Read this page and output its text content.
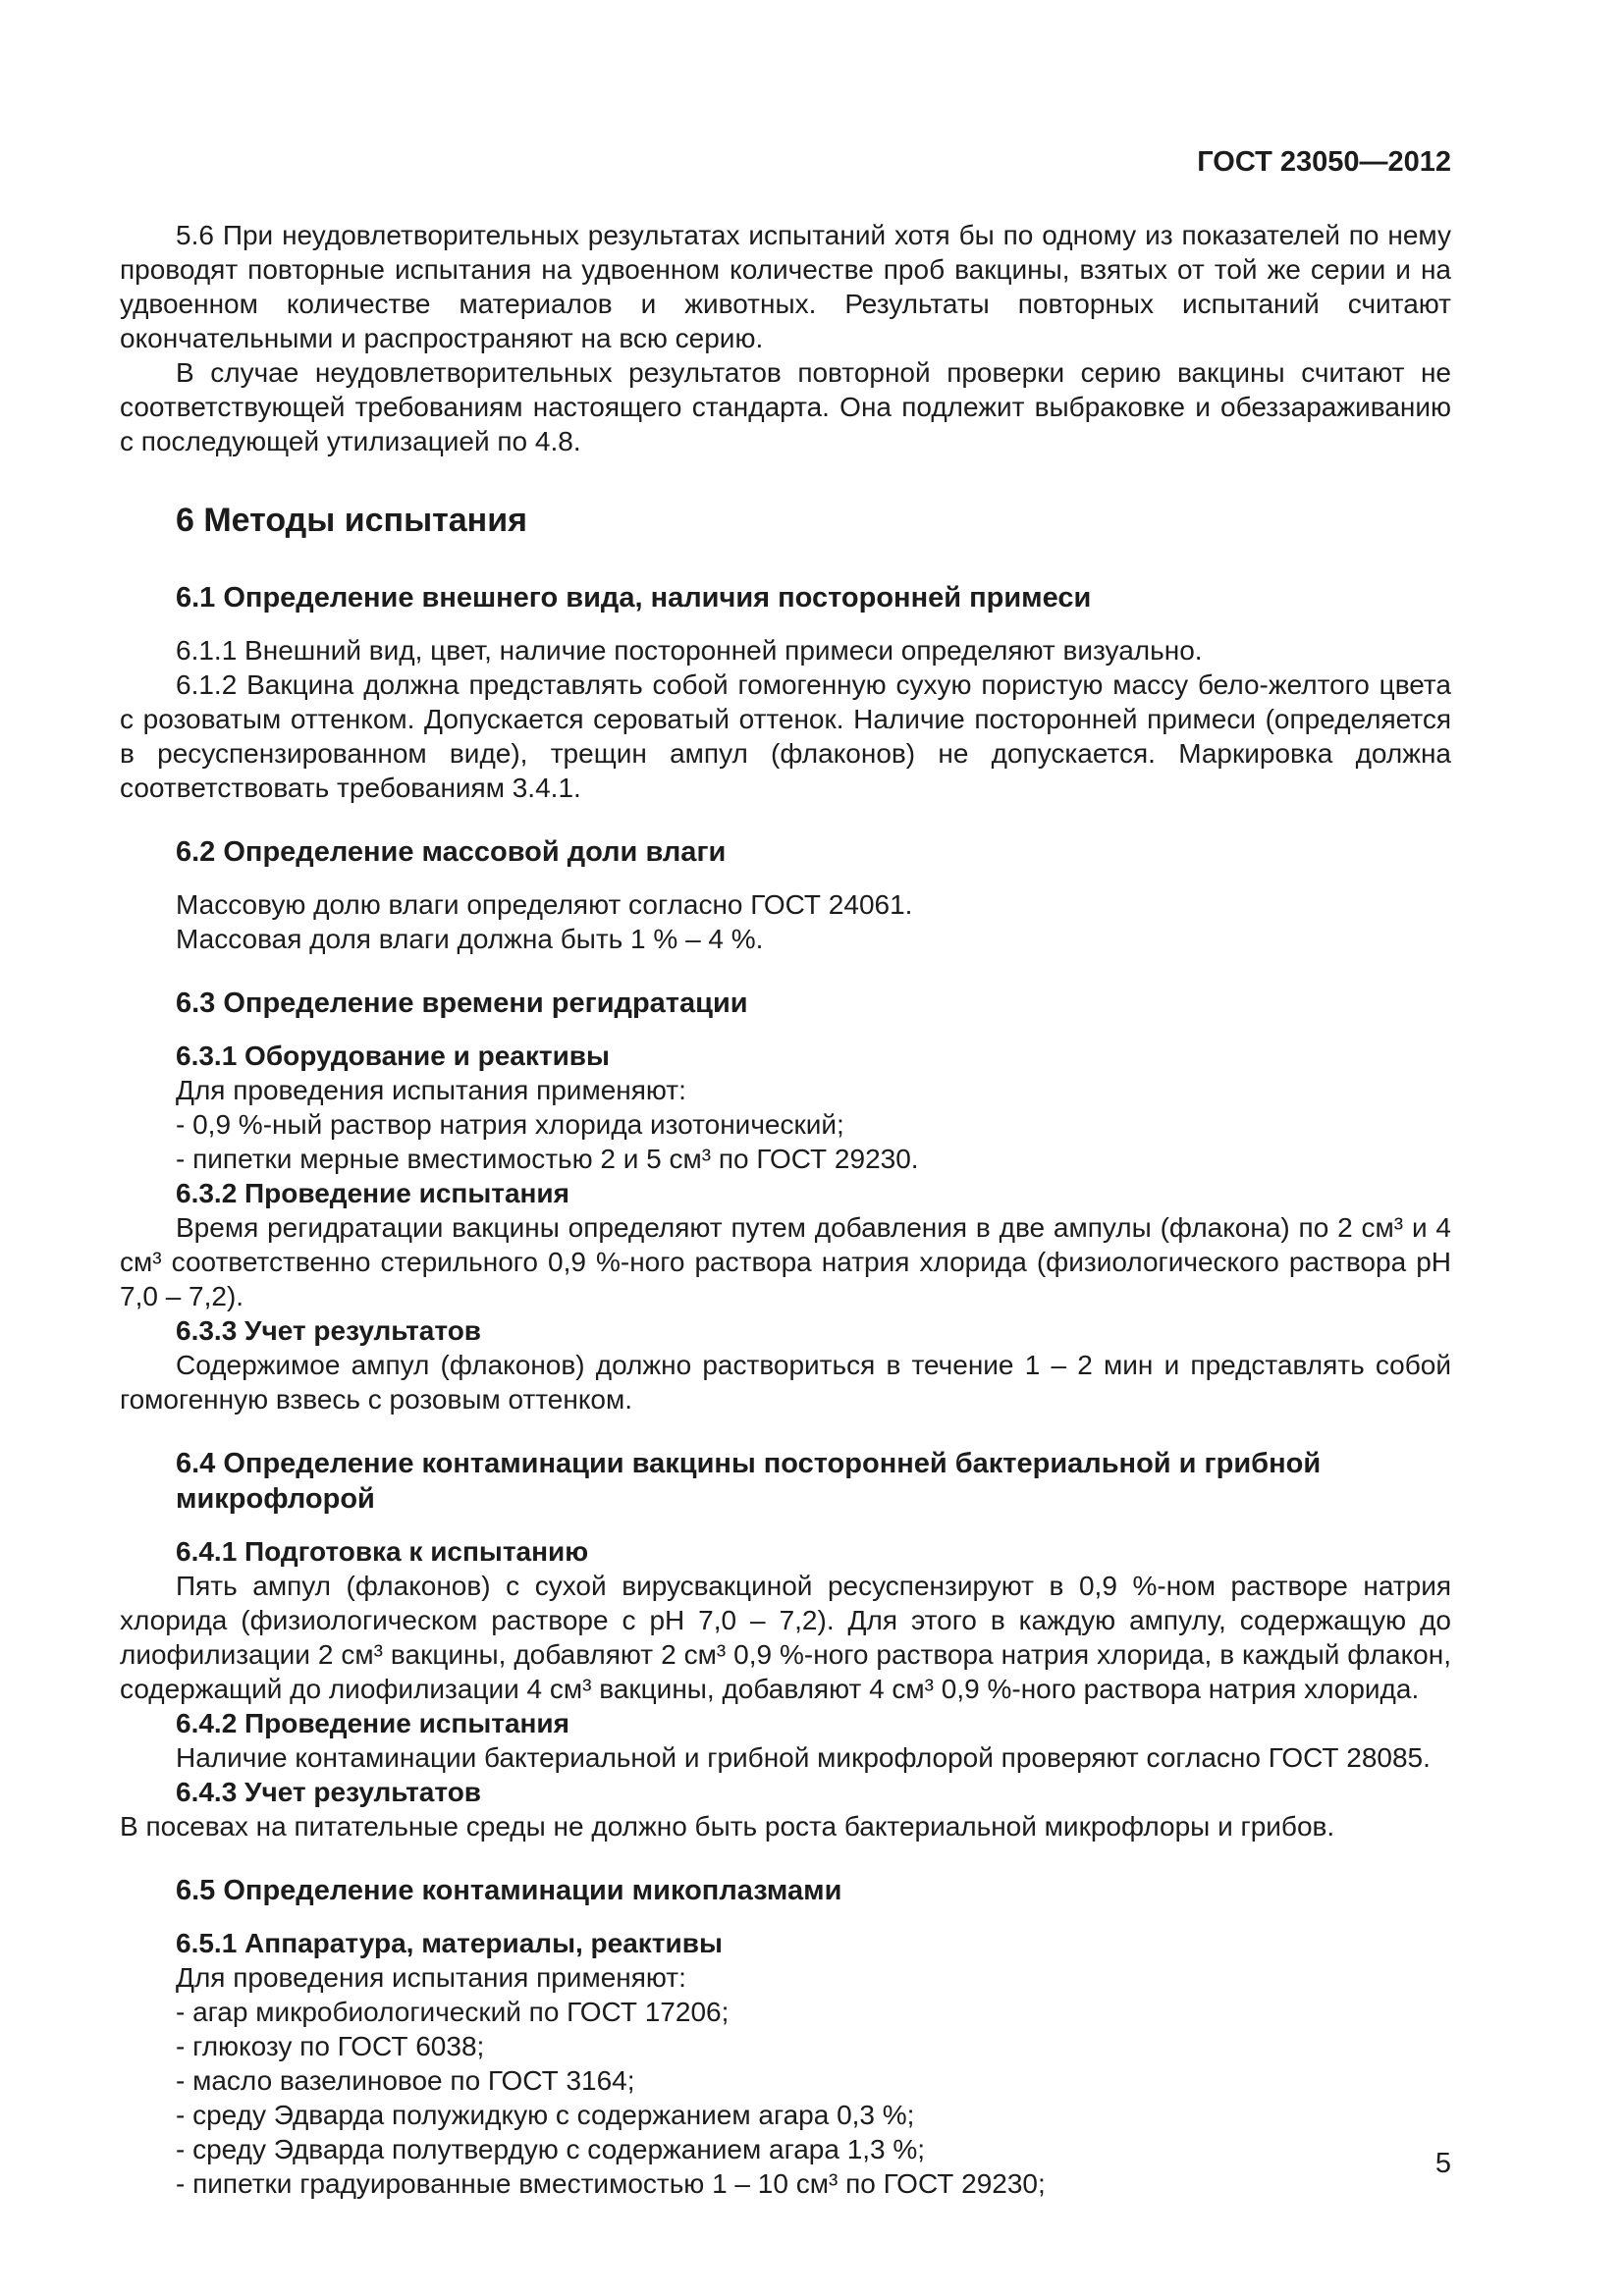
ГОСТ 23050—2012

5.6 При неудовлетворительных результатах испытаний хотя бы по одному из показателей по нему проводят повторные испытания на удвоенном количестве проб вакцины, взятых от той же серии и на удвоенном количестве материалов и животных. Результаты повторных испытаний считают окончательными и распространяют на всю серию.

В случае неудовлетворительных результатов повторной проверки серию вакцины считают не соответствующей требованиям настоящего стандарта. Она подлежит выбраковке и обеззараживанию с последующей утилизацией по 4.8.

6 Методы испытания
6.1 Определение внешнего вида, наличия посторонней примеси

6.1.1 Внешний вид, цвет, наличие посторонней примеси определяют визуально.

6.1.2 Вакцина должна представлять собой гомогенную сухую пористую массу бело-желтого цвета с розоватым оттенком. Допускается сероватый оттенок. Наличие посторонней примеси (определяется в ресуспензированном виде), трещин ампул (флаконов) не допускается. Маркировка должна соответствовать требованиям 3.4.1.

6.2 Определение массовой доли влаги

Массовую долю влаги определяют согласно ГОСТ 24061.

Массовая доля влаги должна быть 1 % – 4 %.

6.3 Определение времени регидратации
6.3.1 Оборудование и реактивы

Для проведения испытания применяют:

- 0,9 %-ный раствор натрия хлорида изотонический;

- пипетки мерные вместимостью 2 и 5 см³ по ГОСТ 29230.

6.3.2 Проведение испытания

Время регидратации вакцины определяют путем добавления в две ампулы (флакона) по 2 см³ и 4 см³ соответственно стерильного 0,9 %-ного раствора натрия хлорида (физиологического раствора рН 7,0 – 7,2).

6.3.3 Учет результатов

Содержимое ампул (флаконов) должно раствориться в течение 1 – 2 мин и представлять собой гомогенную взвесь с розовым оттенком.

6.4 Определение контаминации вакцины посторонней бактериальной и грибной микрофлорой
6.4.1 Подготовка к испытанию

Пять ампул (флаконов) с сухой вирусвакциной ресуспензируют в 0,9 %-ном растворе натрия хлорида (физиологическом растворе с рН 7,0 – 7,2). Для этого в каждую ампулу, содержащую до лиофилизации 2 см³ вакцины, добавляют 2 см³ 0,9 %-ного раствора натрия хлорида, в каждый флакон, содержащий до лиофилизации 4 см³ вакцины, добавляют 4 см³ 0,9 %-ного раствора натрия хлорида.

6.4.2 Проведение испытания

Наличие контаминации бактериальной и грибной микрофлорой проверяют согласно ГОСТ 28085.

6.4.3 Учет результатов

В посевах на питательные среды не должно быть роста бактериальной микрофлоры и грибов.

6.5 Определение контаминации микоплазмами
6.5.1 Аппаратура, материалы, реактивы

Для проведения испытания применяют:

- агар микробиологический по ГОСТ 17206;

- глюкозу по ГОСТ 6038;

- масло вазелиновое по ГОСТ 3164;

- среду Эдварда полужидкую с содержанием агара 0,3 %;

- среду Эдварда полутвердую с содержанием агара 1,3 %;

- пипетки градуированные вместимостью 1 – 10 см³ по ГОСТ 29230;

5
